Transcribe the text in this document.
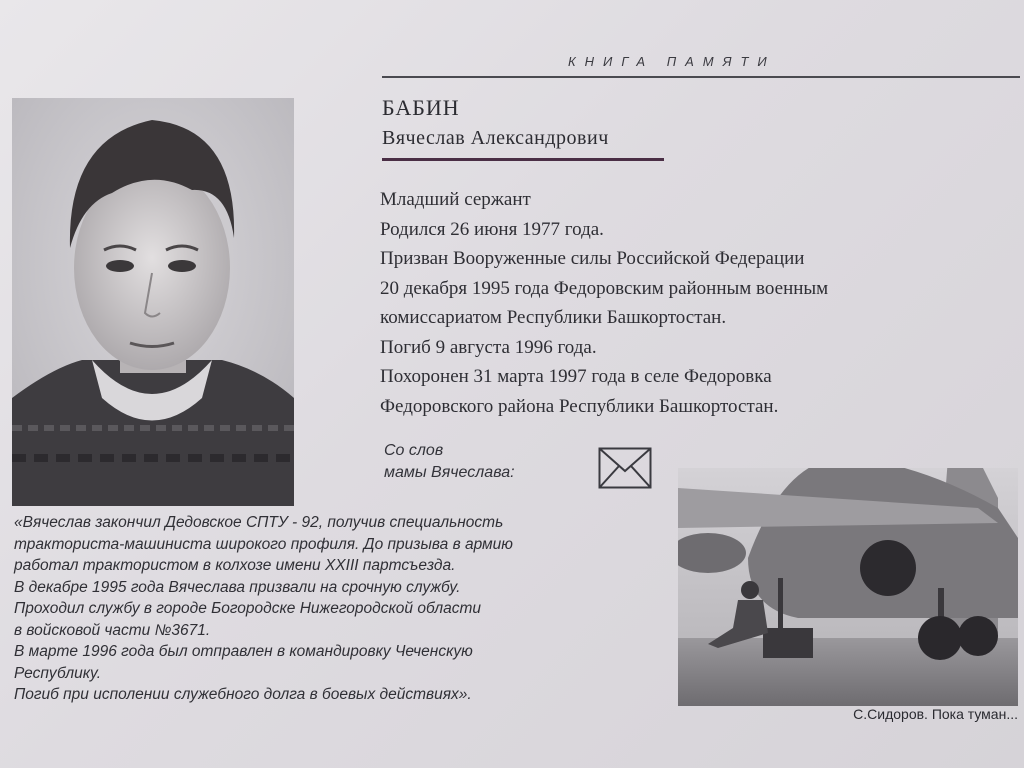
КНИГА ПАМЯТИ
БАБИН
Вячеслав Александрович
Младший сержант
Родился 26 июня 1977 года.
Призван Вооруженные силы Российской Федерации
20 декабря 1995 года Федоровским районным военным
комиссариатом Республики Башкортостан.
Погиб 9 августа 1996 года.
Похоронен 31 марта 1997 года в селе Федоровка
Федоровского района Республики Башкортостан.
Со слов
мамы Вячеслава:
«Вячеслав закончил Дедовское СПТУ - 92, получив специальность
тракториста-машиниста широкого профиля. До призыва в армию
работал трактористом в колхозе имени XXIII партсъезда.
В декабре 1995 года Вячеслава призвали на срочную службу.
Проходил службу в городе Богородске Нижегородской области
в войсковой части №3671.
В марте 1996 года был отправлен в командировку Чеченскую
Республику.
Погиб при исполении служебного долга в боевых действиях».
С.Сидоров. Пока туман...
